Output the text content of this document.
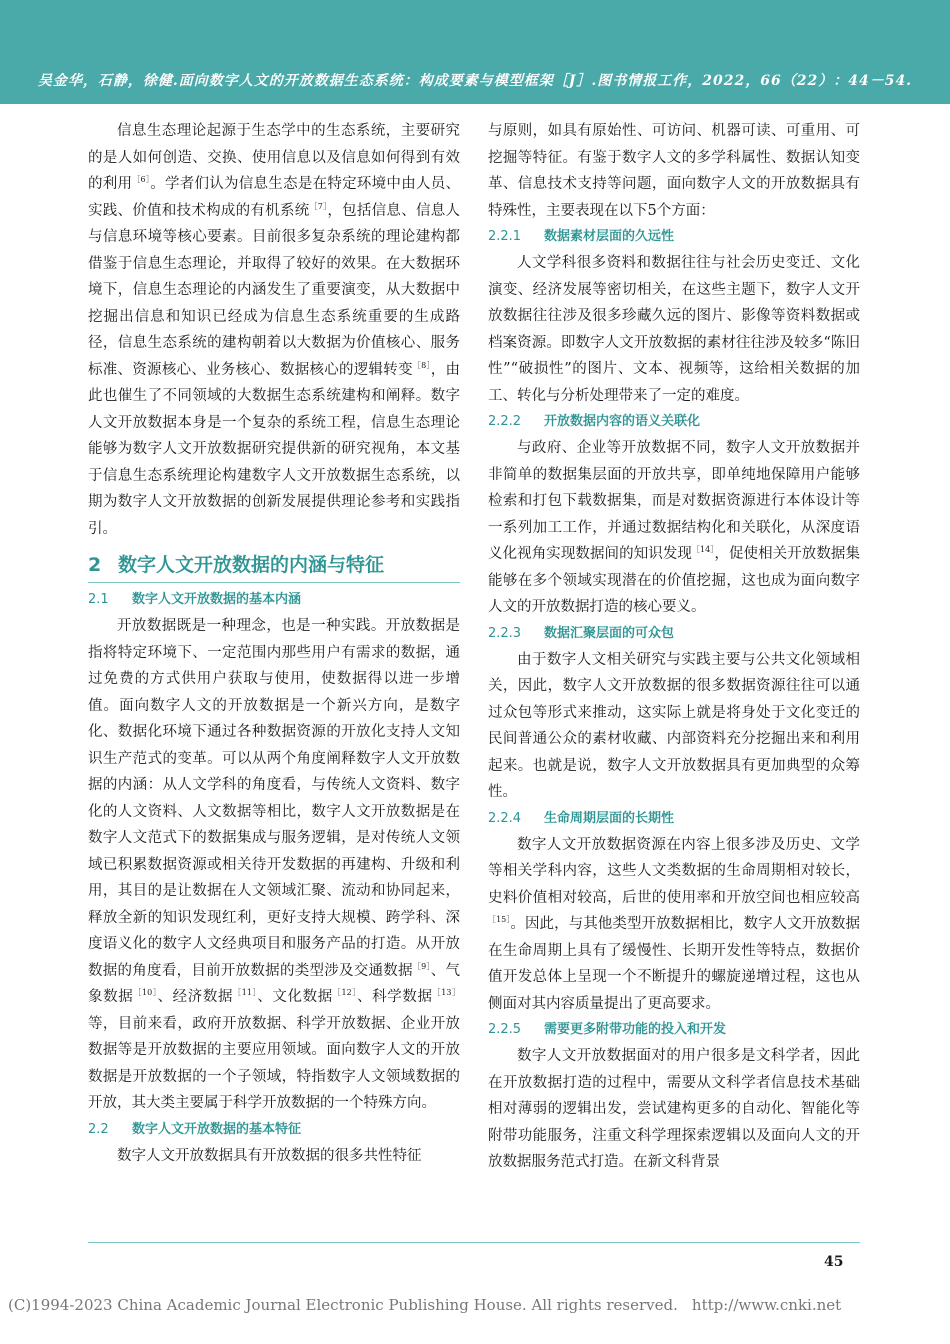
吴金华，石静，徐健.面向数字人文的开放数据生态系统：构成要素与模型框架［J］.图书情报工作，2022，66（22）：44－54.

信息生态理论起源于生态学中的生态系统，主要研究的是人如何创造、交换、使用信息以及信息如何得到有效的利用$^{[6]}$。学者们认为信息生态是在特定环境中由人员、实践、价值和技术构成的有机系统$^{[7]}$，包括信息、信息人与信息环境等核心要素。目前很多复杂系统的理论建构都借鉴于信息生态理论，并取得了较好的效果。在大数据环境下，信息生态理论的内涵发生了重要演变，从大数据中挖掘出信息和知识已经成为信息生态系统重要的生成路径，信息生态系统的建构朝着以大数据为价值核心、服务标准、资源核心、业务核心、数据核心的逻辑转变$^{[8]}$，由此也催生了不同领域的大数据生态系统建构和阐释。数字人文开放数据本身是一个复杂的系统工程，信息生态理论能够为数字人文开放数据研究提供新的研究视角，本文基于信息生态系统理论构建数字人文开放数据生态系统，以期为数字人文开放数据的创新发展提供理论参考和实践指引。

2 数字人文开放数据的内涵与特征
2.1 数字人文开放数据的基本内涵

开放数据既是一种理念，也是一种实践。开放数据是指将特定环境下、一定范围内那些用户有需求的数据，通过免费的方式供用户获取与使用，使数据得以进一步增值。面向数字人文的开放数据是一个新兴方向，是数字化、数据化环境下通过各种数据资源的开放化支持人文知识生产范式的变革。可以从两个角度阐释数字人文开放数据的内涵：从人文学科的角度看，与传统人文资料、数字化的人文资料、人文数据等相比，数字人文开放数据是在数字人文范式下的数据集成与服务逻辑，是对传统人文领域已积累数据资源或相关待开发数据的再建构、升级和利用，其目的是让数据在人文领域汇聚、流动和协同起来，释放全新的知识发现红利，更好支持大规模、跨学科、深度语义化的数字人文经典项目和服务产品的打造。从开放数据的角度看，目前开放数据的类型涉及交通数据$^{[9]}$、气象数据$^{[10]}$、经济数据$^{[11]}$、文化数据$^{[12]}$、科学数据$^{[13]}$等，目前来看，政府开放数据、科学开放数据、企业开放数据等是开放数据的主要应用领域。面向数字人文的开放数据是开放数据的一个子领域，特指数字人文领域数据的开放，其大类主要属于科学开放数据的一个特殊方向。

2.2 数字人文开放数据的基本特征

数字人文开放数据具有开放数据的很多共性特征

与原则，如具有原始性、可访问、机器可读、可重用、可挖掘等特征。有鉴于数字人文的多学科属性、数据认知变革、信息技术支持等问题，面向数字人文的开放数据具有特殊性，主要表现在以下5个方面：

2.2.1 数据素材层面的久远性

人文学科很多资料和数据往往与社会历史变迁、文化演变、经济发展等密切相关，在这些主题下，数字人文开放数据往往涉及很多珍藏久远的图片、影像等资料数据或档案资源。即数字人文开放数据的素材往往涉及较多“陈旧性”“破损性”的图片、文本、视频等，这给相关数据的加工、转化与分析处理带来了一定的难度。

2.2.2 开放数据内容的语义关联化

与政府、企业等开放数据不同，数字人文开放数据并非简单的数据集层面的开放共享，即单纯地保障用户能够检索和打包下载数据集，而是对数据资源进行本体设计等一系列加工工作，并通过数据结构化和关联化，从深度语义化视角实现数据间的知识发现$^{[14]}$，促使相关开放数据集能够在多个领域实现潜在的价值挖掘，这也成为面向数字人文的开放数据打造的核心要义。

2.2.3 数据汇聚层面的可众包

由于数字人文相关研究与实践主要与公共文化领域相关，因此，数字人文开放数据的很多数据资源往往可以通过众包等形式来推动，这实际上就是将身处于文化变迁的民间普通公众的素材收藏、内部资料充分挖掘出来和利用起来。也就是说，数字人文开放数据具有更加典型的众筹性。

2.2.4 生命周期层面的长期性

数字人文开放数据资源在内容上很多涉及历史、文学等相关学科内容，这些人文类数据的生命周期相对较长，史料价值相对较高，后世的使用率和开放空间也相应较高$^{[15]}$。因此，与其他类型开放数据相比，数字人文开放数据在生命周期上具有了缓慢性、长期开发性等特点，数据价值开发总体上呈现一个不断提升的螺旋递增过程，这也从侧面对其内容质量提出了更高要求。

2.2.5 需要更多附带功能的投入和开发

数字人文开放数据面对的用户很多是文科学者，因此在开放数据打造的过程中，需要从文科学者信息技术基础相对薄弱的逻辑出发，尝试建构更多的自动化、智能化等附带功能服务，注重文科学理探索逻辑以及面向人文的开放数据服务范式打造。在新文科背景

45
(C)1994-2023 China Academic Journal Electronic Publishing House. All rights reserved. http://www.cnki.net
